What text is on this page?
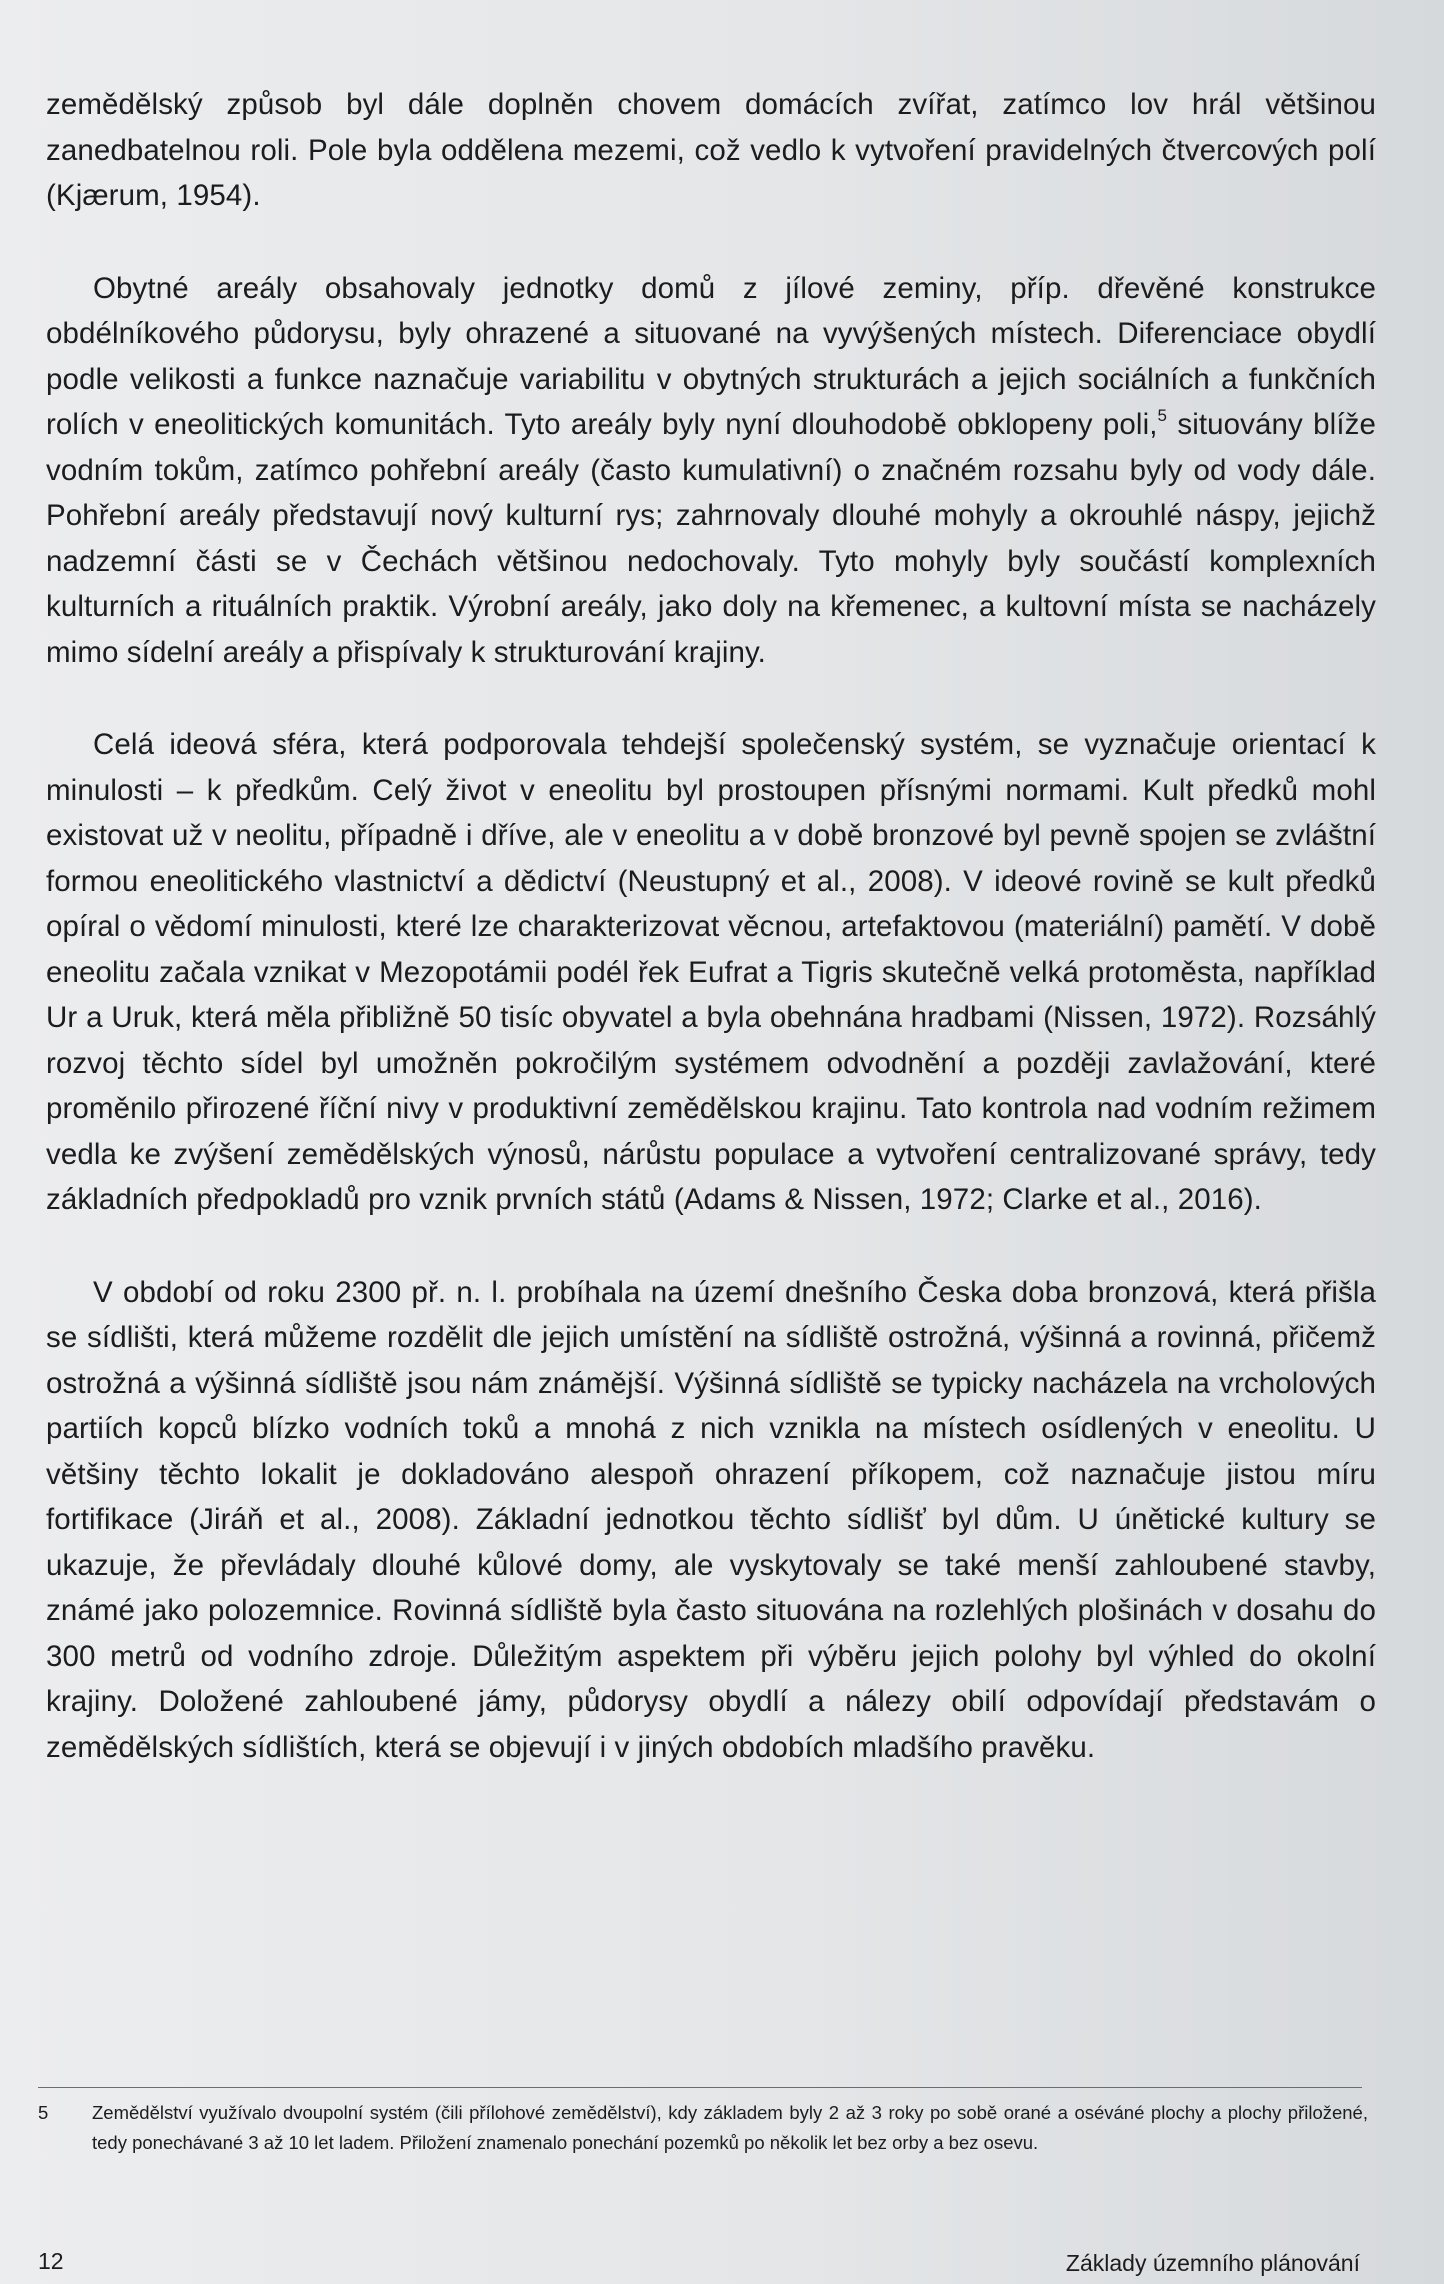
zemědělský způsob byl dále doplněn chovem domácích zvířat, zatímco lov hrál většinou zanedbatelnou roli. Pole byla oddělena mezemi, což vedlo k vytvoření pravidelných čtvercových polí (Kjærum, 1954).

Obytné areály obsahovaly jednotky domů z jílové zeminy, příp. dřevěné konstrukce obdélníkového půdorysu, byly ohrazené a situované na vyvýšených místech. Diferenciace obydlí podle velikosti a funkce naznačuje variabilitu v obytných strukturách a jejich sociálních a funkčních rolích v eneolitických komunitách. Tyto areály byly nyní dlouhodobě obklopeny poli,$^5$ situovány blíže vodním tokům, zatímco pohřební areály (často kumulativní) o značném rozsahu byly od vody dále. Pohřební areály představují nový kulturní rys; zahrnovaly dlouhé mohyly a okrouhlé náspy, jejichž nadzemní části se v Čechách většinou nedochovaly. Tyto mohyly byly součástí komplexních kulturních a rituálních praktik. Výrobní areály, jako doly na křemenec, a kultovní místa se nacházely mimo sídelní areály a přispívaly k strukturování krajiny.

Celá ideová sféra, která podporovala tehdejší společenský systém, se vyznačuje orientací k minulosti – k předkům. Celý život v eneolitu byl prostoupen přísnými normami. Kult předků mohl existovat už v neolitu, případně i dříve, ale v eneolitu a v době bronzové byl pevně spojen se zvláštní formou eneolitického vlastnictví a dědictví (Neustupný et al., 2008). V ideové rovině se kult předků opíral o vědomí minulosti, které lze charakterizovat věcnou, artefaktovou (materiální) pamětí. V době eneolitu začala vznikat v Mezopotámii podél řek Eufrat a Tigris skutečně velká protoměsta, například Ur a Uruk, která měla přibližně 50 tisíc obyvatel a byla obehnána hradbami (Nissen, 1972). Rozsáhlý rozvoj těchto sídel byl umožněn pokročilým systémem odvodnění a později zavlažování, které proměnilo přirozené říční nivy v produktivní zemědělskou krajinu. Tato kontrola nad vodním režimem vedla ke zvýšení zemědělských výnosů, nárůstu populace a vytvoření centralizované správy, tedy základních předpokladů pro vznik prvních států (Adams & Nissen, 1972; Clarke et al., 2016).

V období od roku 2300 př. n. l. probíhala na území dnešního Česka doba bronzová, která přišla se sídlišti, která můžeme rozdělit dle jejich umístění na sídliště ostrožná, výšinná a rovinná, přičemž ostrožná a výšinná sídliště jsou nám známější. Výšinná sídliště se typicky nacházela na vrcholových partiích kopců blízko vodních toků a mnohá z nich vznikla na místech osídlených v eneolitu. U většiny těchto lokalit je dokladováno alespoň ohrazení příkopem, což naznačuje jistou míru fortifikace (Jiráň et al., 2008). Základní jednotkou těchto sídlišť byl dům. U únětické kultury se ukazuje, že převládaly dlouhé kůlové domy, ale vyskytovaly se také menší zahloubené stavby, známé jako polozemnice. Rovinná sídliště byla často situována na rozlehlých plošinách v dosahu do 300 metrů od vodního zdroje. Důležitým aspektem při výběru jejich polohy byl výhled do okolní krajiny. Doložené zahloubené jámy, půdorysy obydlí a nálezy obilí odpovídají představám o zemědělských sídlištích, která se objevují i v jiných obdobích mladšího pravěku.

5 Zemědělství využívalo dvoupolní systém (čili přílohové zemědělství), kdy základem byly 2 až 3 roky po sobě orané a oséváné plochy a plochy přiložené, tedy ponechávané 3 až 10 let ladem. Přiložení znamenalo ponechání pozemků po několik let bez orby a bez osevu.
12	Základy územního plánování
